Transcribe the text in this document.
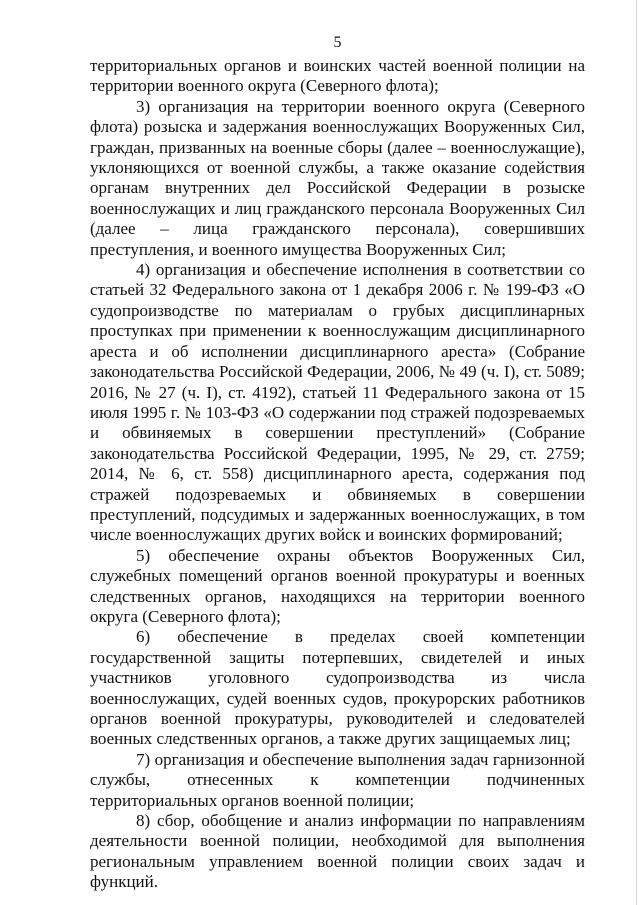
5

территориальных органов и воинских частей военной полиции на территории военного округа (Северного флота);

3) организация на территории военного округа (Северного флота) розыска и задержания военнослужащих Вооруженных Сил, граждан, призванных на военные сборы (далее – военнослужащие), уклоняющихся от военной службы, а также оказание содействия органам внутренних дел Российской Федерации в розыске военнослужащих и лиц гражданского персонала Вооруженных Сил (далее – лица гражданского персонала), совершивших преступления, и военного имущества Вооруженных Сил;

4) организация и обеспечение исполнения в соответствии со статьей 32 Федерального закона от 1 декабря 2006 г. № 199-ФЗ «О судопроизводстве по материалам о грубых дисциплинарных проступках при применении к военнослужащим дисциплинарного ареста и об исполнении дисциплинарного ареста» (Собрание законодательства Российской Федерации, 2006, № 49 (ч. I), ст. 5089; 2016, № 27 (ч. I), ст. 4192), статьей 11 Федерального закона от 15 июля 1995 г. № 103-ФЗ «О содержании под стражей подозреваемых и обвиняемых в совершении преступлений» (Собрание законодательства Российской Федерации, 1995, № 29, ст. 2759; 2014, № 6, ст. 558) дисциплинарного ареста, содержания под стражей подозреваемых и обвиняемых в совершении преступлений, подсудимых и задержанных военнослужащих, в том числе военнослужащих других войск и воинских формирований;

5) обеспечение охраны объектов Вооруженных Сил, служебных помещений органов военной прокуратуры и военных следственных органов, находящихся на территории военного округа (Северного флота);

6) обеспечение в пределах своей компетенции государственной защиты потерпевших, свидетелей и иных участников уголовного судопроизводства из числа военнослужащих, судей военных судов, прокурорских работников органов военной прокуратуры, руководителей и следователей военных следственных органов, а также других защищаемых лиц;

7) организация и обеспечение выполнения задач гарнизонной службы, отнесенных к компетенции подчиненных территориальных органов военной полиции;

8) сбор, обобщение и анализ информации по направлениям деятельности военной полиции, необходимой для выполнения региональным управлением военной полиции своих задач и функций.
